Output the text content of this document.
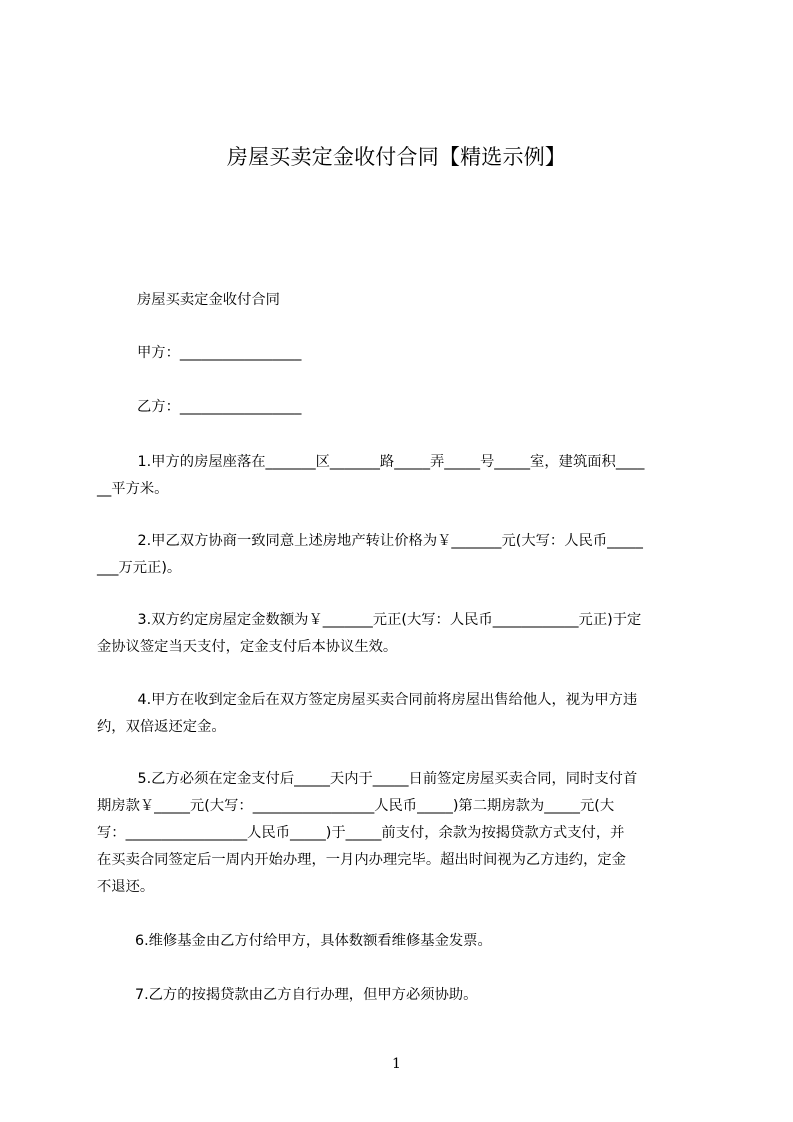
房屋买卖定金收付合同【精选示例】
房屋买卖定金收付合同
甲方：_________________
乙方：_________________
1.甲方的房屋座落在_______区_______路_____弄_____号_____室，建筑面积____
__平方米。
2.甲乙双方协商一致同意上述房地产转让价格为￥_______元(大写：人民币_____
___万元正)。
3.双方约定房屋定金数额为￥_______元正(大写：人民币____________元正)于定
金协议签定当天支付，定金支付后本协议生效。
4.甲方在收到定金后在双方签定房屋买卖合同前将房屋出售给他人，视为甲方违
约，双倍返还定金。
5.乙方必须在定金支付后_____天内于_____日前签定房屋买卖合同，同时支付首
期房款￥_____元(大写：_________________人民币_____)第二期房款为_____元(大
写：_________________人民币_____)于_____前支付，余款为按揭贷款方式支付，并
在买卖合同签定后一周内开始办理，一月内办理完毕。超出时间视为乙方违约，定金
不退还。
6.维修基金由乙方付给甲方，具体数额看维修基金发票。
7.乙方的按揭贷款由乙方自行办理，但甲方必须协助。
1
